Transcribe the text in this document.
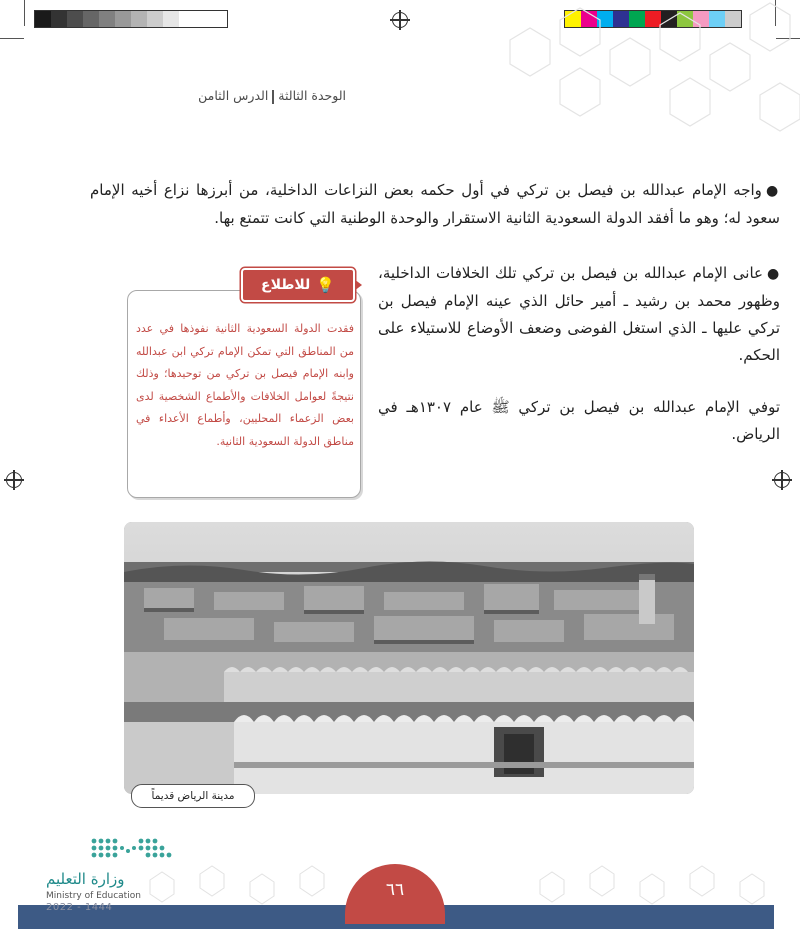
الوحدة الثالثةالدرس الثامن
●واجه الإمام عبدالله بن فيصل بن تركي في أول حكمه بعض النزاعات الداخلية، من أبرزها نزاع أخيه الإمام سعود له؛ وهو ما أفقد الدولة السعودية الثانية الاستقرار والوحدة الوطنية التي كانت تتمتع بها.
●عانى الإمام عبدالله بن فيصل بن تركي تلك الخلافات الداخلية، وظهور محمد بن رشيد ـ أمير حائل الذي عينه الإمام فيصل بن تركي عليها ـ الذي استغل الفوضى وضعف الأوضاع للاستيلاء على الحكم.
توفي الإمام عبدالله بن فيصل بن تركي ﷺ عام ١٣٠٧هـ في الرياض.
💡
للاطلاع
فقدت الدولة السعودية الثانية نفوذها في عدد من المناطق التي تمكن الإمام تركي ابن عبدالله وابنه الإمام فيصل بن تركي من توحيدها؛ وذلك نتيجةً لعوامل الخلافات والأطماع الشخصية لدى بعض الزعماء المحليين، وأطماع الأعداء في مناطق الدولة السعودية الثانية.
مدينة الرياض قديماً
٦٦
وزارة التعليم
Ministry of Education
2022 - 1444
